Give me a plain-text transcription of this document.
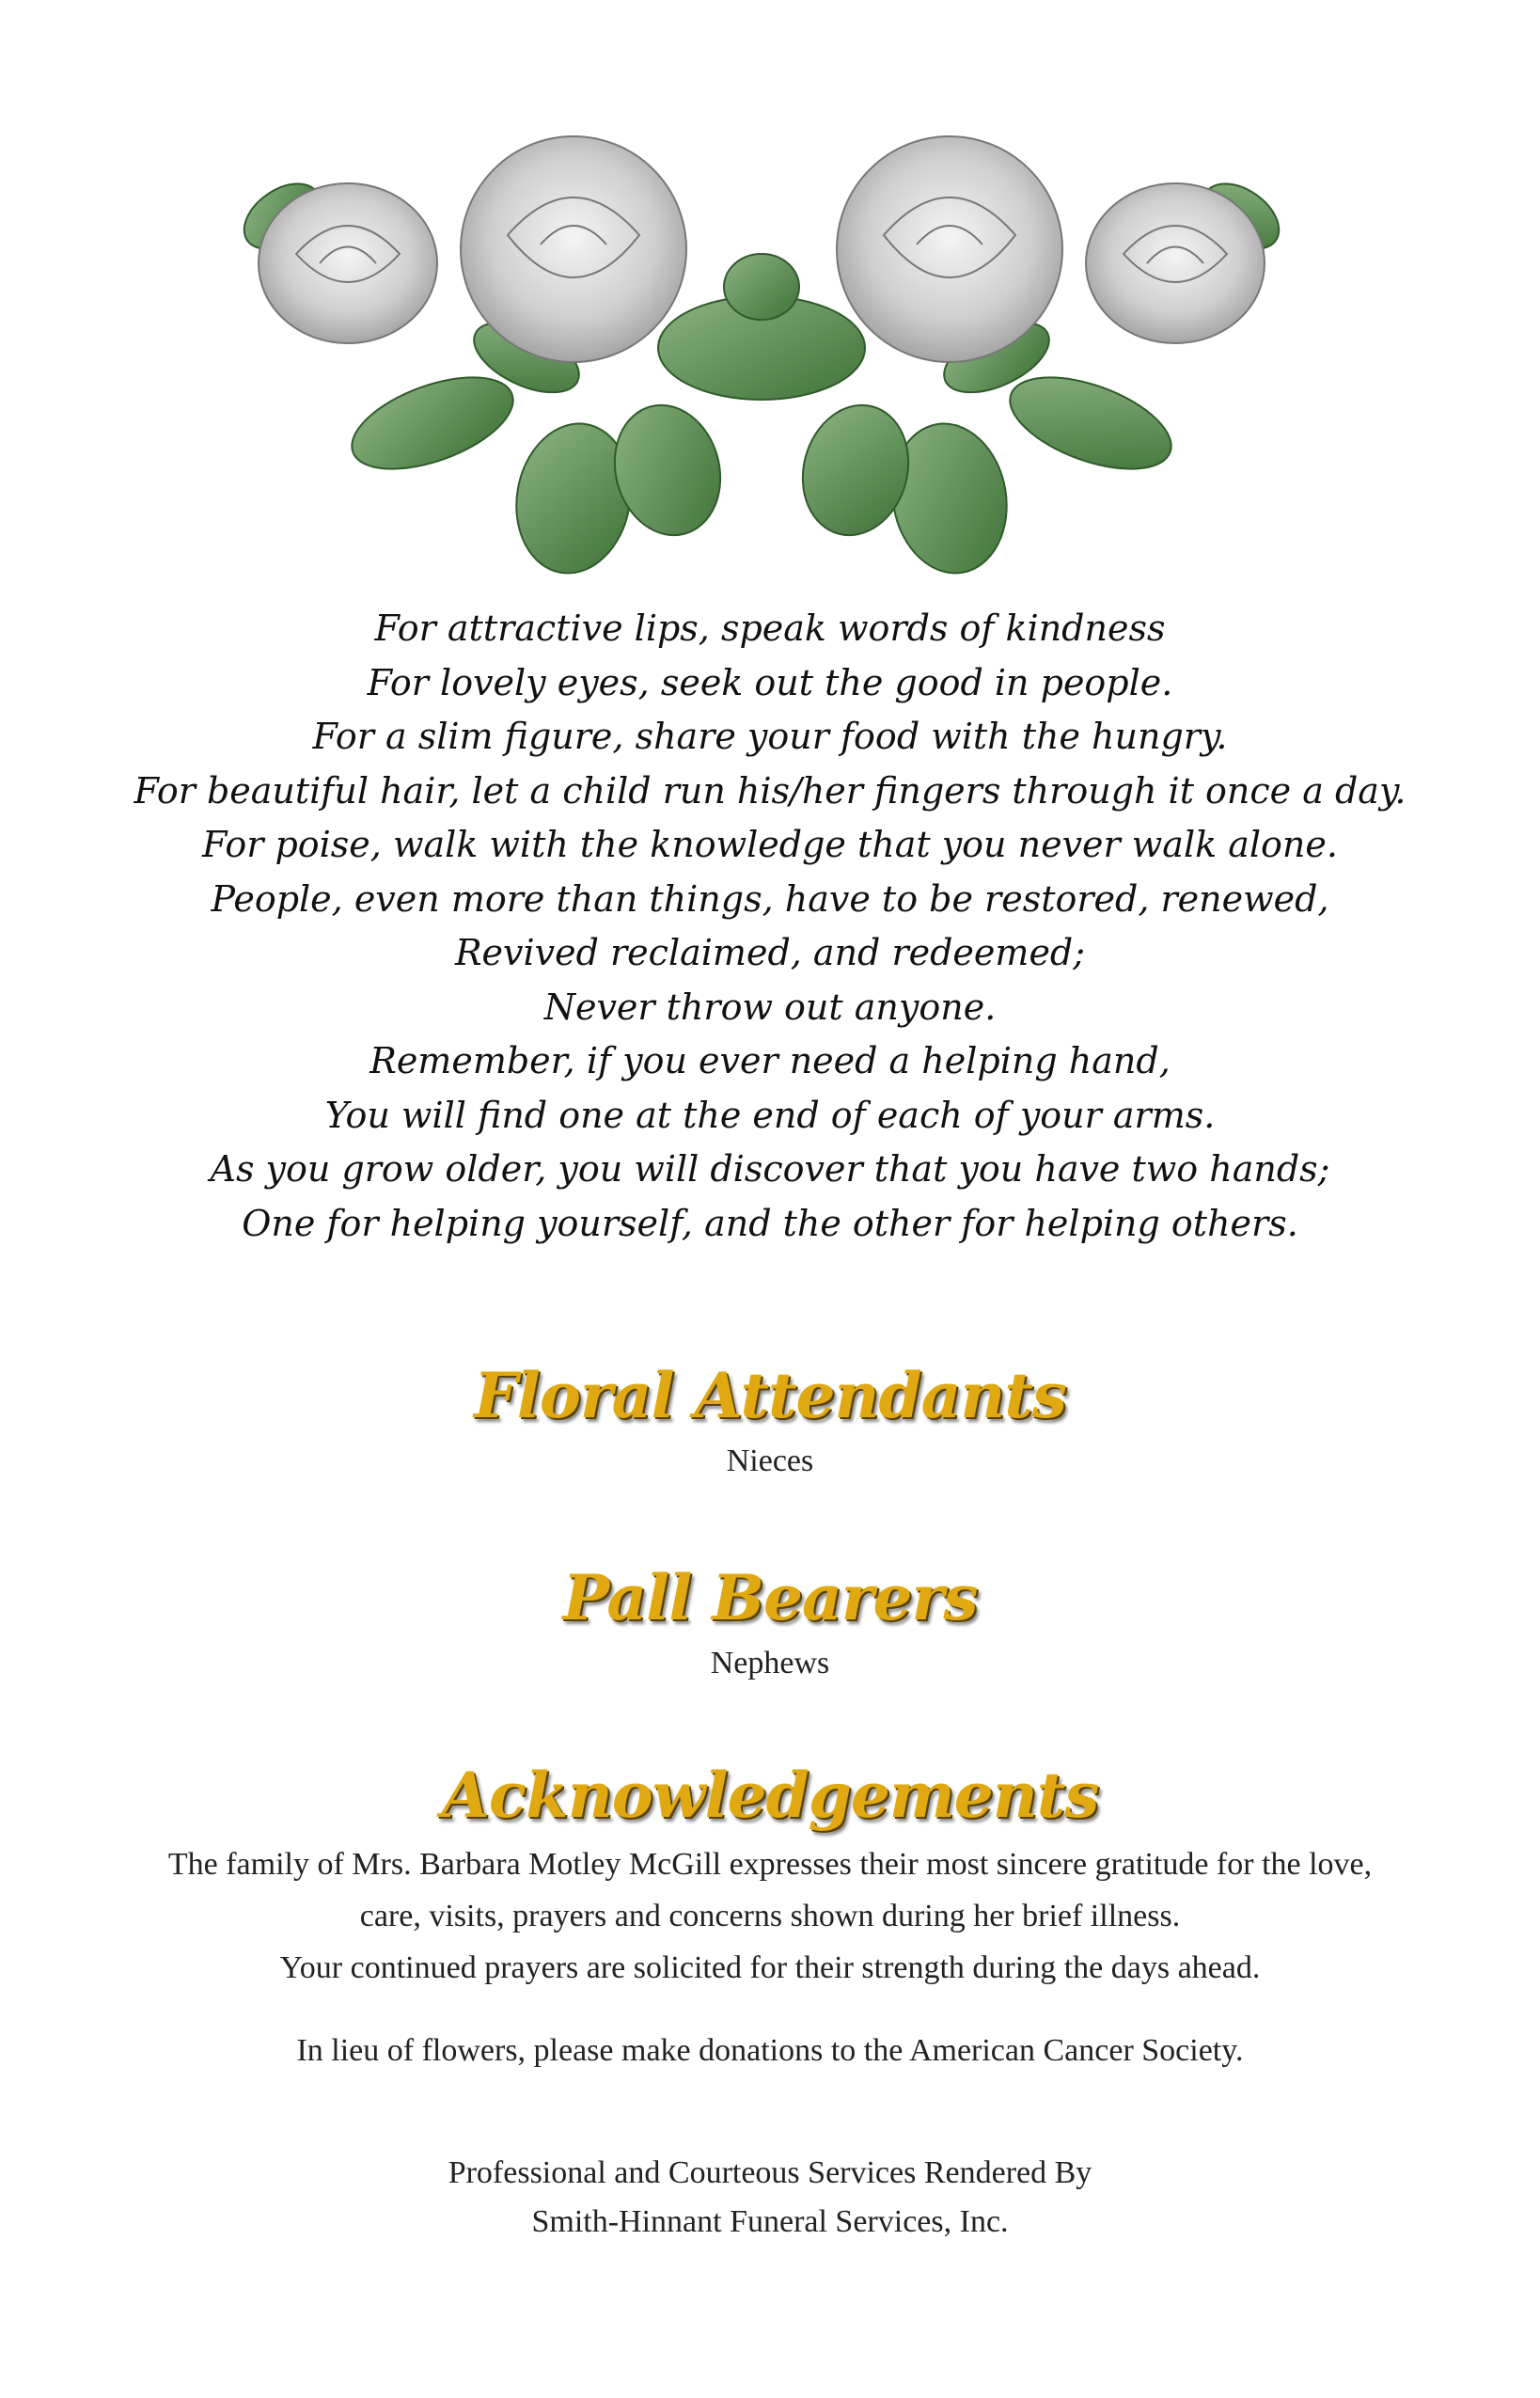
For attractive lips, speak words of kindness
For lovely eyes, seek out the good in people.
For a slim figure, share your food with the hungry.
For beautiful hair, let a child run his/her fingers through it once a day.
For poise, walk with the knowledge that you never walk alone.
People, even more than things, have to be restored, renewed,
Revived reclaimed, and redeemed;
Never throw out anyone.
Remember, if you ever need a helping hand,
You will find one at the end of each of your arms.
As you grow older, you will discover that you have two hands;
One for helping yourself, and the other for helping others.
Floral Attendants
Nieces
Pall Bearers
Nephews
Acknowledgements
The family of Mrs. Barbara Motley McGill expresses their most sincere gratitude for the love,
care, visits, prayers and concerns shown during her brief illness.
Your continued prayers are solicited for their strength during the days ahead.
In lieu of flowers, please make donations to the American Cancer Society.
Professional and Courteous Services Rendered By
Smith-Hinnant Funeral Services, Inc.
